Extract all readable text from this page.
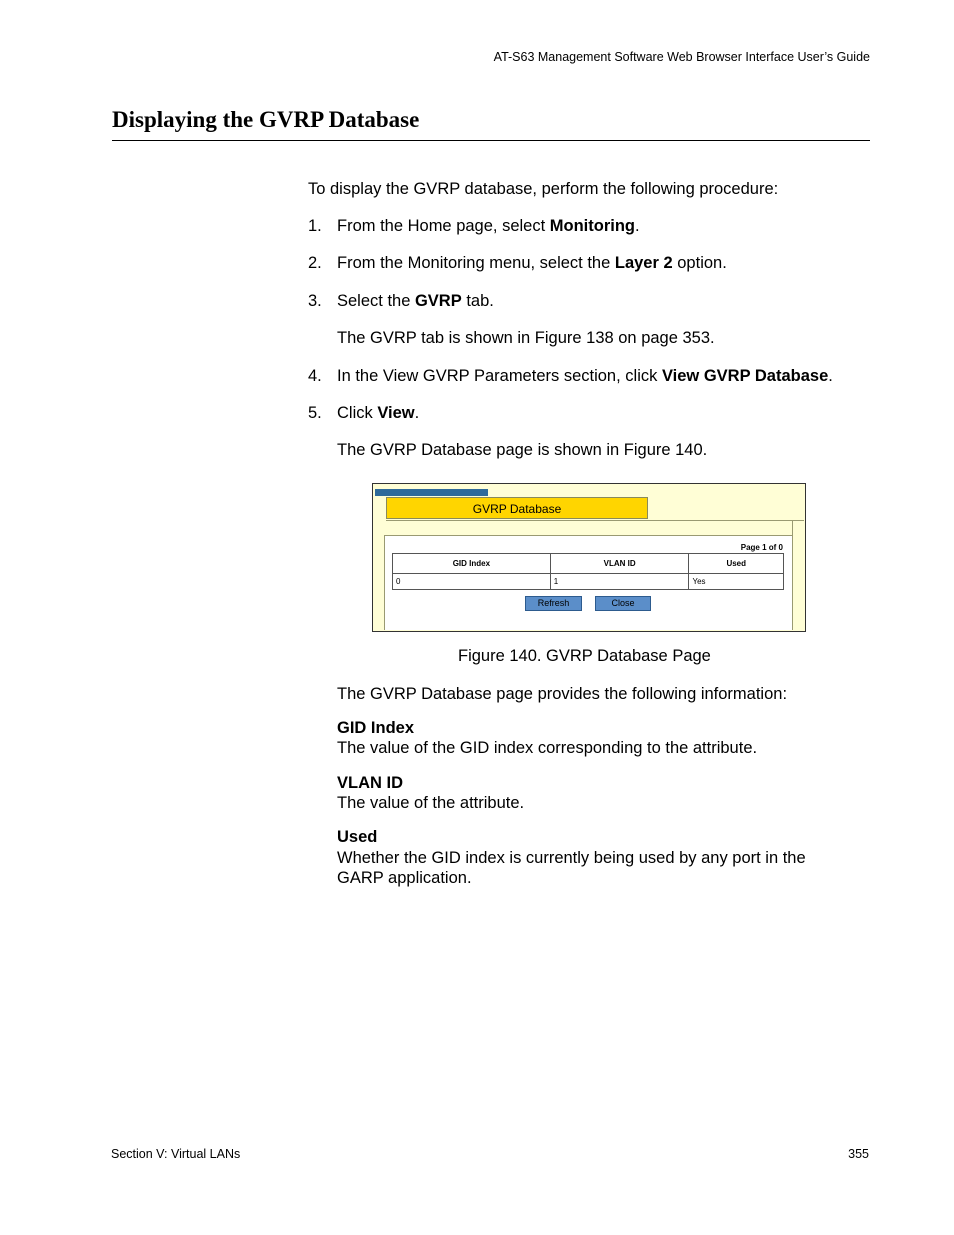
AT-S63 Management Software Web Browser Interface User’s Guide
Displaying the GVRP Database
To display the GVRP database, perform the following procedure:
1. From the Home page, select Monitoring.
2. From the Monitoring menu, select the Layer 2 option.
3. Select the GVRP tab.
The GVRP tab is shown in Figure 138 on page 353.
4. In the View GVRP Parameters section, click View GVRP Database.
5. Click View.
The GVRP Database page is shown in Figure 140.
GVRP Database
Page 1 of 0
GID Index	VLAN ID	Used
0	1	Yes
Refresh	Close
Figure 140. GVRP Database Page
The GVRP Database page provides the following information:
GID Index
The value of the GID index corresponding to the attribute.
VLAN ID
The value of the attribute.
Used
Whether the GID index is currently being used by any port in the
GARP application.
Section V: Virtual LANs	355
